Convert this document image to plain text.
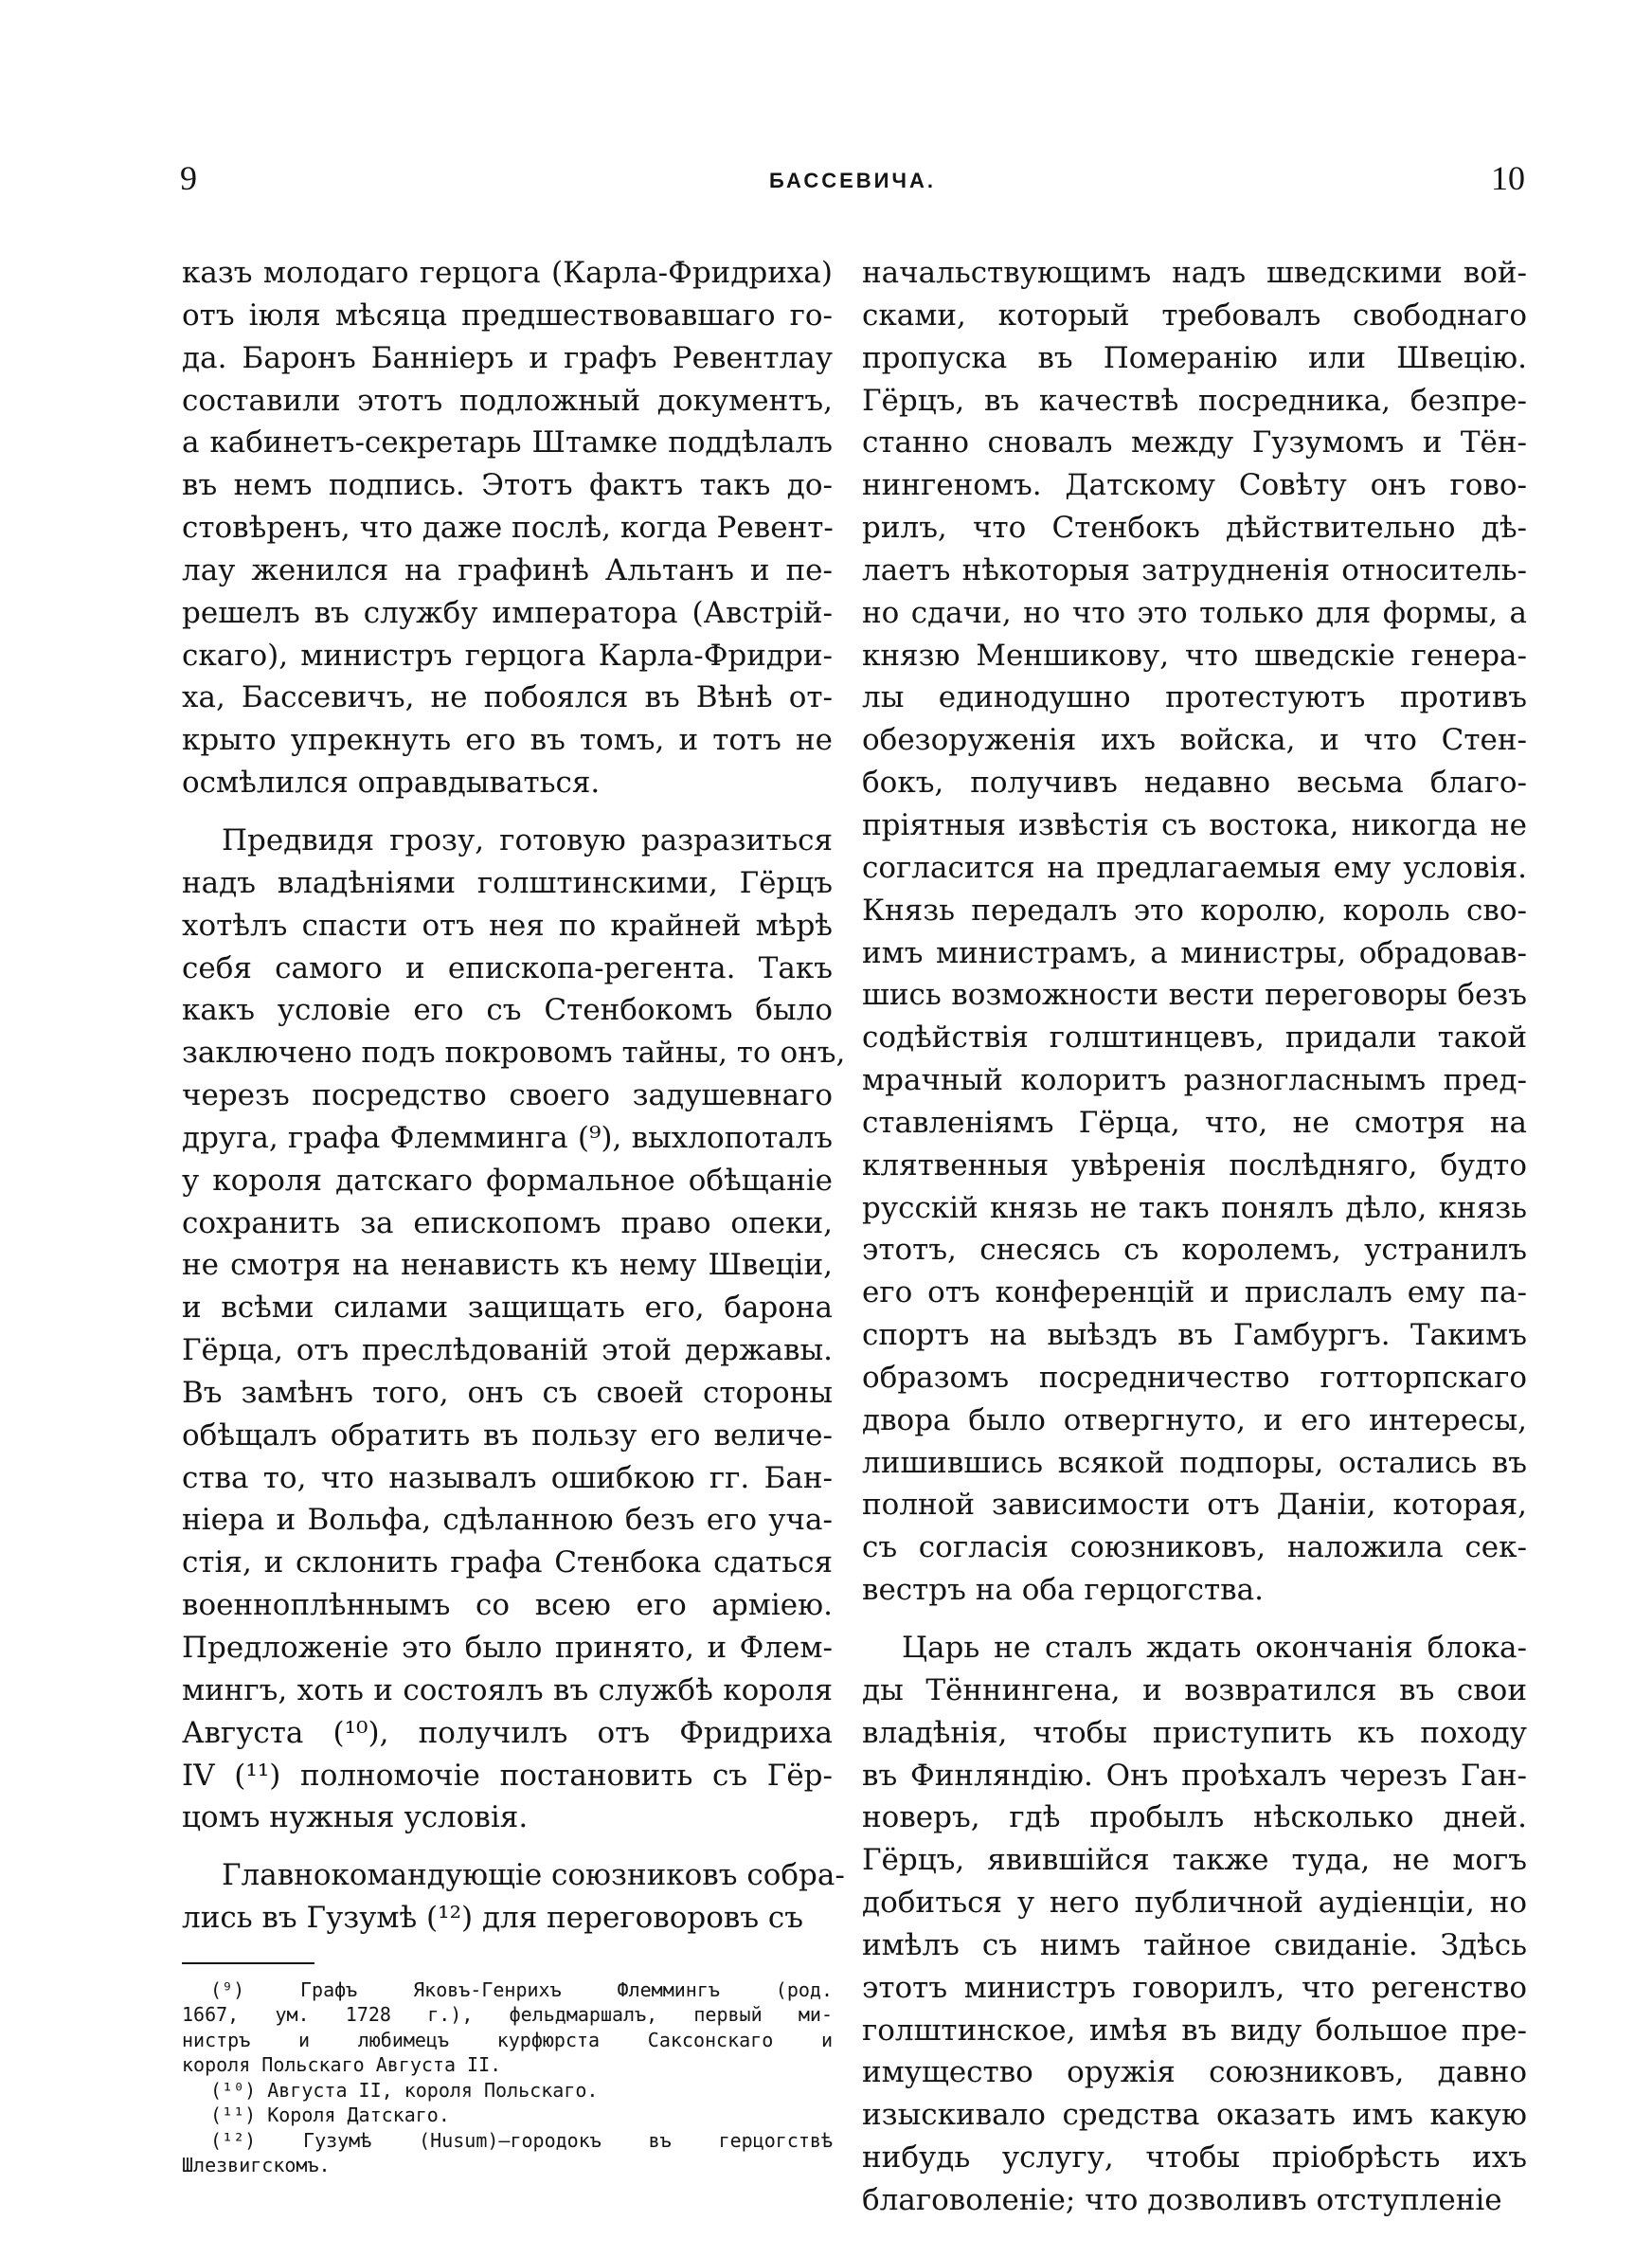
9	БАССЕВИЧА.	10

казъ молодаго герцога (Карла-Фридриха)
отъ іюля мѣсяца предшествовавшаго го-
да. Баронъ Банніеръ и графъ Ревентлау
составили этотъ подложный документъ,
а кабинетъ-секретарь Штамке поддѣлалъ
въ немъ подпись. Этотъ фактъ такъ до-
стовѣренъ, что даже послѣ, когда Ревент-
лау женился на графинѣ Альтанъ и пе-
решелъ въ службу императора (Австрій-
скаго), министръ герцога Карла-Фридри-
ха, Бассевичъ, не побоялся въ Вѣнѣ от-
крыто упрекнуть его въ томъ, и тотъ не
осмѣлился оправдываться.

Предвидя грозу, готовую разразиться
надъ владѣніями голштинскими, Гёрцъ
хотѣлъ спасти отъ нея по крайней мѣрѣ
себя самого и епископа-регента. Такъ
какъ условіе его съ Стенбокомъ было
заключено подъ покровомъ тайны, то онъ,
черезъ посредство своего задушевнаго
друга, графа Флемминга (⁹), выхлопоталъ
у короля датскаго формальное обѣщаніе
сохранить за епископомъ право опеки,
не смотря на ненависть къ нему Швеціи,
и всѣми силами защищать его, барона
Гёрца, отъ преслѣдованій этой державы.
Въ замѣнъ того, онъ съ своей стороны
обѣщалъ обратить въ пользу его величе-
ства то, что называлъ ошибкою гг. Бан-
ніера и Вольфа, сдѣланною безъ его уча-
стія, и склонить графа Стенбока сдаться
военноплѣннымъ со всею его арміею.
Предложеніе это было принято, и Флем-
мингъ, хоть и состоялъ въ службѣ короля
Августа (¹⁰), получилъ отъ Фридриха
IV (¹¹) полномочіе постановить съ Гёр-
цомъ нужныя условія.

Главнокомандующіе союзниковъ собра-
лись въ Гузумѣ (¹²) для переговоровъ съ

(⁹) Графъ Яковъ-Генрихъ Флеммингъ (род.
1667, ум. 1728 г.), фельдмаршалъ, первый ми-
нистръ и любимецъ курфюрста Саксонскаго и
короля Польскаго Августа II.
(¹⁰) Августа II, короля Польскаго.
(¹¹) Короля Датскаго.
(¹²) Гузумѣ (Husum)—городокъ въ герцогствѣ
Шлезвигскомъ.

начальствующимъ надъ шведскими вой-
сками, который требовалъ свободнаго
пропуска въ Померанію или Швецію.
Гёрцъ, въ качествѣ посредника, безпре-
станно сновалъ между Гузумомъ и Тён-
нингеномъ. Датскому Совѣту онъ гово-
рилъ, что Стенбокъ дѣйствительно дѣ-
лаетъ нѣкоторыя затрудненія относитель-
но сдачи, но что это только для формы, а
князю Меншикову, что шведскіе генера-
лы единодушно протестуютъ противъ
обезоруженія ихъ войска, и что Стен-
бокъ, получивъ недавно весьма благо-
пріятныя извѣстія съ востока, никогда не
согласится на предлагаемыя ему условія.
Князь передалъ это королю, король сво-
имъ министрамъ, а министры, обрадовав-
шись возможности вести переговоры безъ
содѣйствія голштинцевъ, придали такой
мрачный колоритъ разногласнымъ пред-
ставленіямъ Гёрца, что, не смотря на
клятвенныя увѣренія послѣдняго, будто
русскій князь не такъ понялъ дѣло, князь
этотъ, снесясь съ королемъ, устранилъ
его отъ конференцій и прислалъ ему па-
спортъ на выѣздъ въ Гамбургъ. Такимъ
образомъ посредничество готторпскаго
двора было отвергнуто, и его интересы,
лишившись всякой подпоры, остались въ
полной зависимости отъ Даніи, которая,
съ согласія союзниковъ, наложила сек-
вестръ на оба герцогства.

Царь не сталъ ждать окончанія блока-
ды Тённингена, и возвратился въ свои
владѣнія, чтобы приступить къ походу
въ Финляндію. Онъ проѣхалъ черезъ Ган-
новеръ, гдѣ пробылъ нѣсколько дней.
Гёрцъ, явившійся также туда, не могъ
добиться у него публичной аудіенціи, но
имѣлъ съ нимъ тайное свиданіе. Здѣсь
этотъ министръ говорилъ, что регенство
голштинское, имѣя въ виду большое пре-
имущество оружія союзниковъ, давно
изыскивало средства оказать имъ какую
нибудь услугу, чтобы пріобрѣсть ихъ
благоволеніе; что дозволивъ отступленіе
